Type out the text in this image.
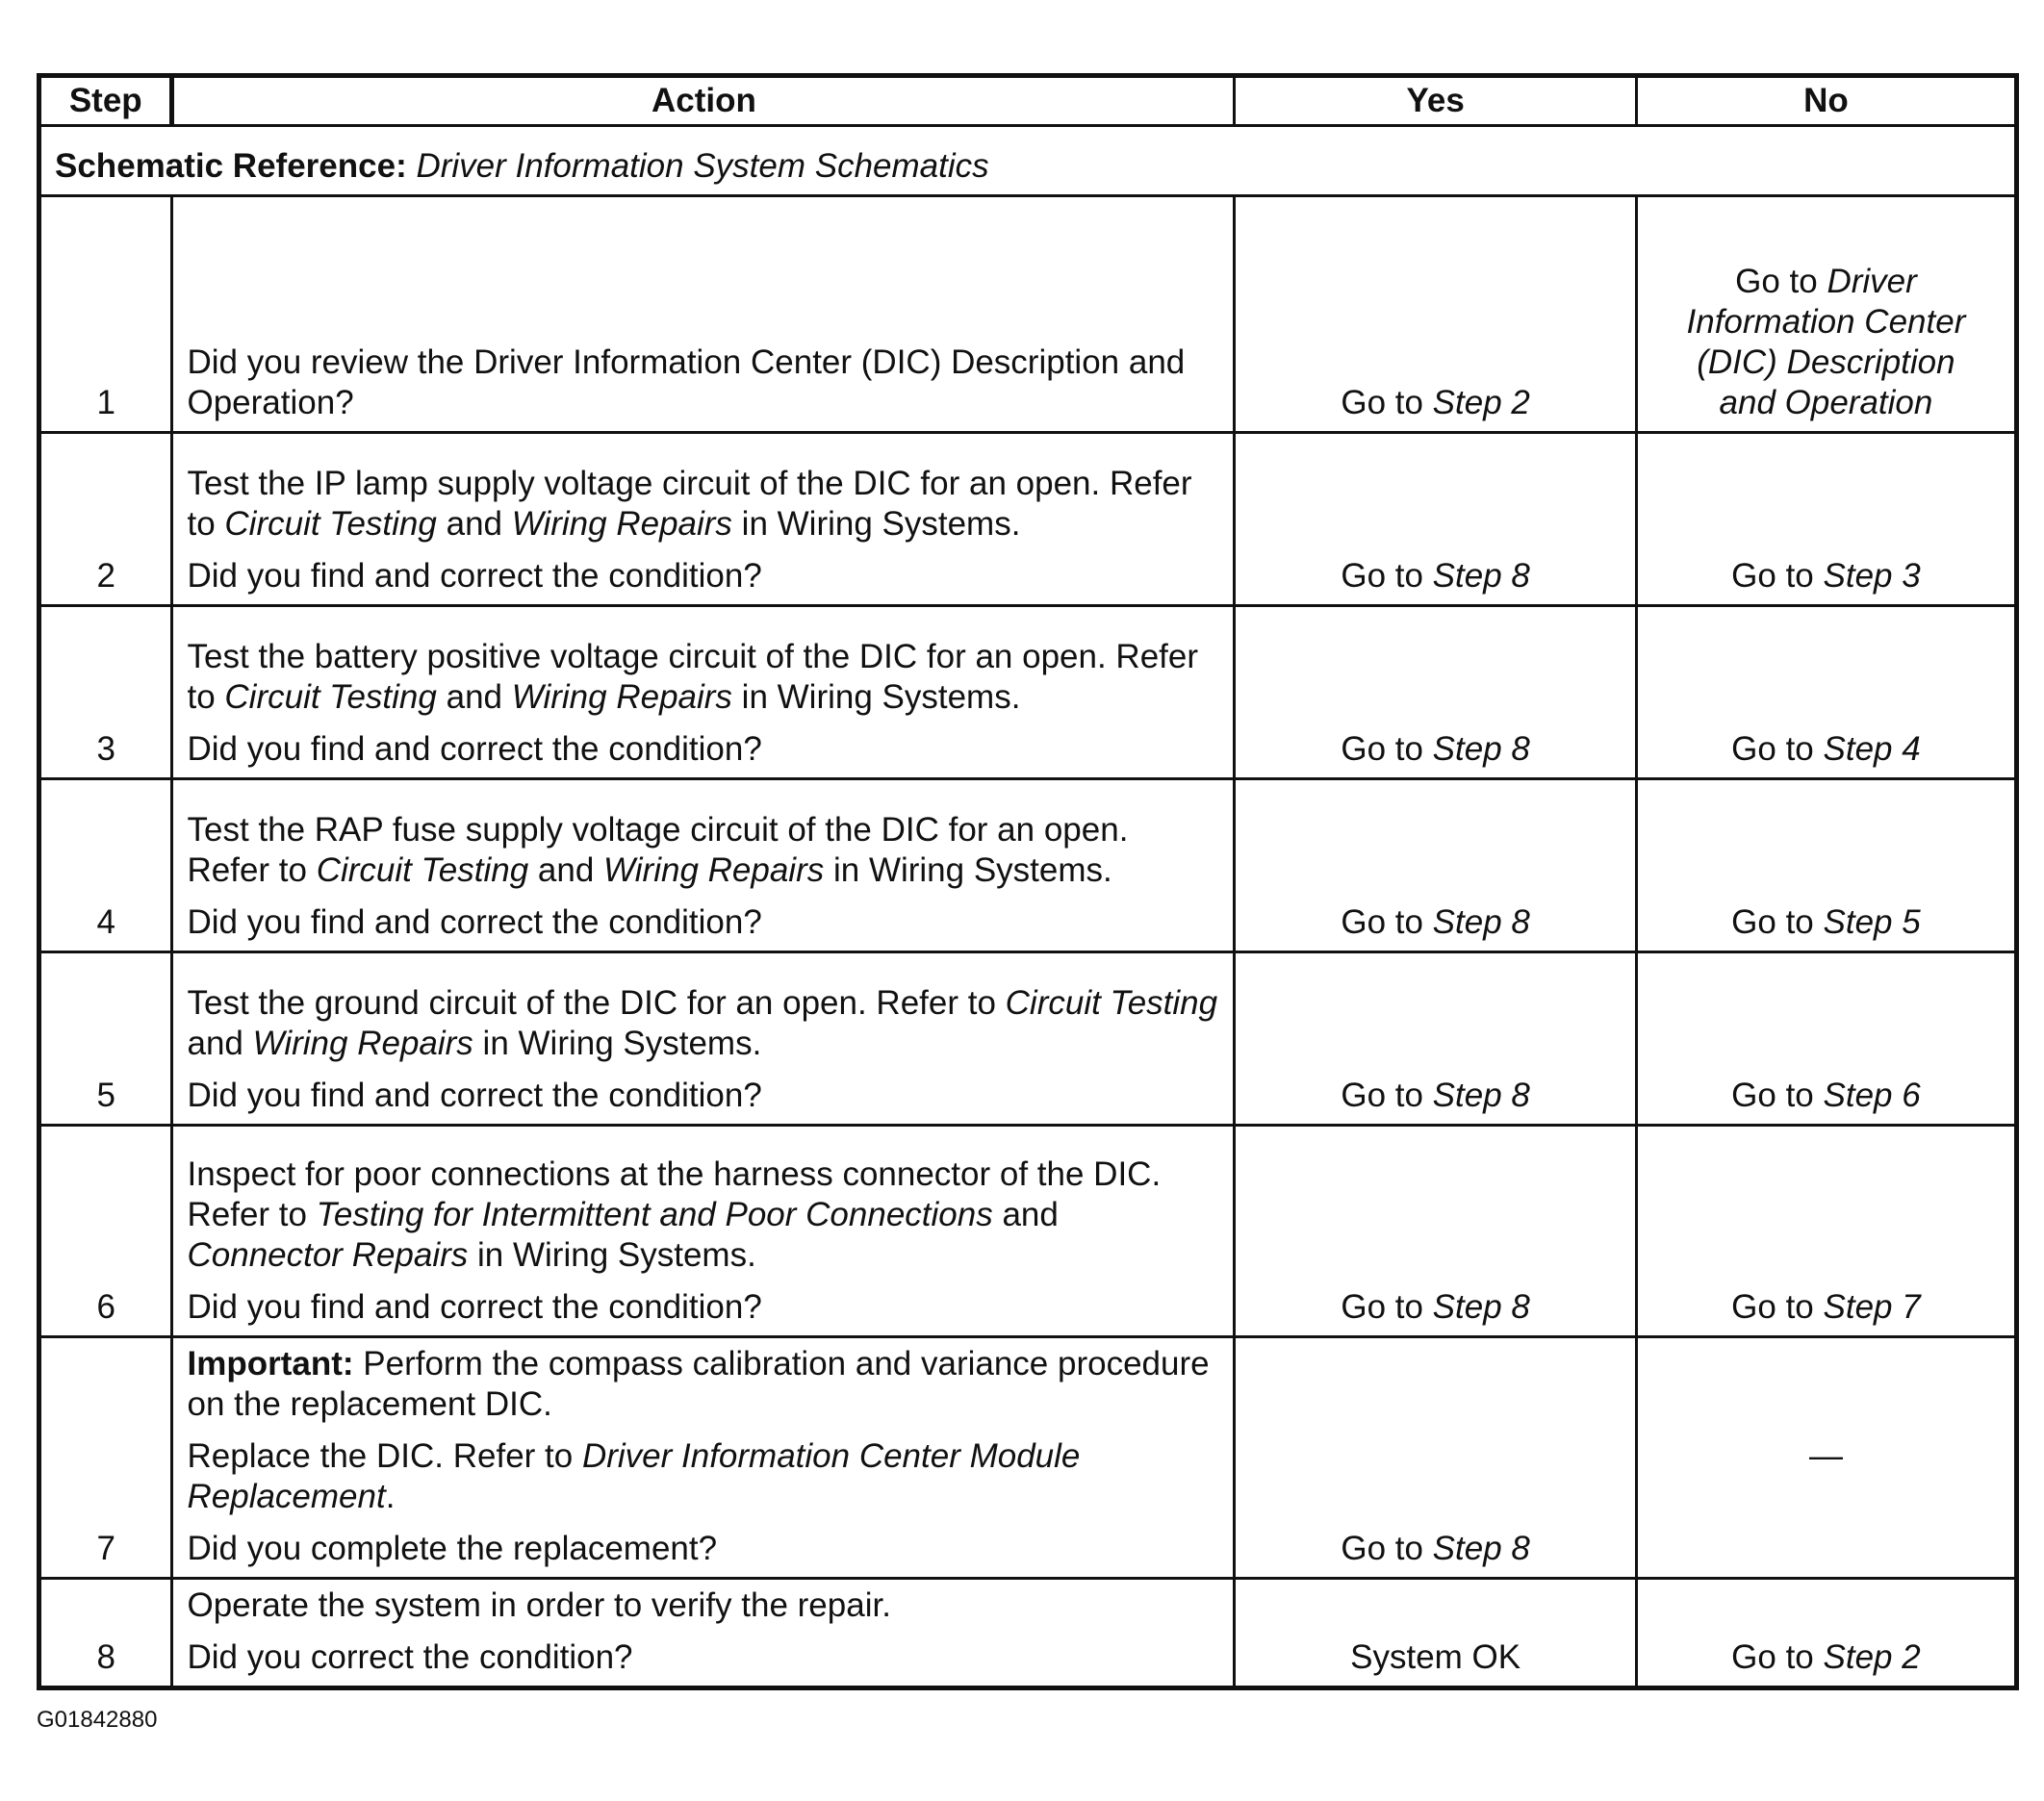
Step	Action	Yes	No
Schematic Reference: Driver Information System Schematics			
1	Did you review the Driver Information Center (DIC) Description and Operation?	Go to Step 2	Go to Driver Information Center (DIC) Description and Operation
2	Test the IP lamp supply voltage circuit of the DIC for an open. Refer to Circuit Testing and Wiring Repairs in Wiring Systems.
Did you find and correct the condition?	Go to Step 8	Go to Step 3
3	Test the battery positive voltage circuit of the DIC for an open. Refer to Circuit Testing and Wiring Repairs in Wiring Systems.
Did you find and correct the condition?	Go to Step 8	Go to Step 4
4	Test the RAP fuse supply voltage circuit of the DIC for an open. Refer to Circuit Testing and Wiring Repairs in Wiring Systems.
Did you find and correct the condition?	Go to Step 8	Go to Step 5
5	Test the ground circuit of the DIC for an open. Refer to Circuit Testing and Wiring Repairs in Wiring Systems.
Did you find and correct the condition?	Go to Step 8	Go to Step 6
6	Inspect for poor connections at the harness connector of the DIC. Refer to Testing for Intermittent and Poor Connections and Connector Repairs in Wiring Systems.
Did you find and correct the condition?	Go to Step 8	Go to Step 7
7	Important: Perform the compass calibration and variance procedure on the replacement DIC.
Replace the DIC. Refer to Driver Information Center Module Replacement.
Did you complete the replacement?	Go to Step 8	—
8	Operate the system in order to verify the repair.
Did you correct the condition?	System OK	Go to Step 2
G01842880
